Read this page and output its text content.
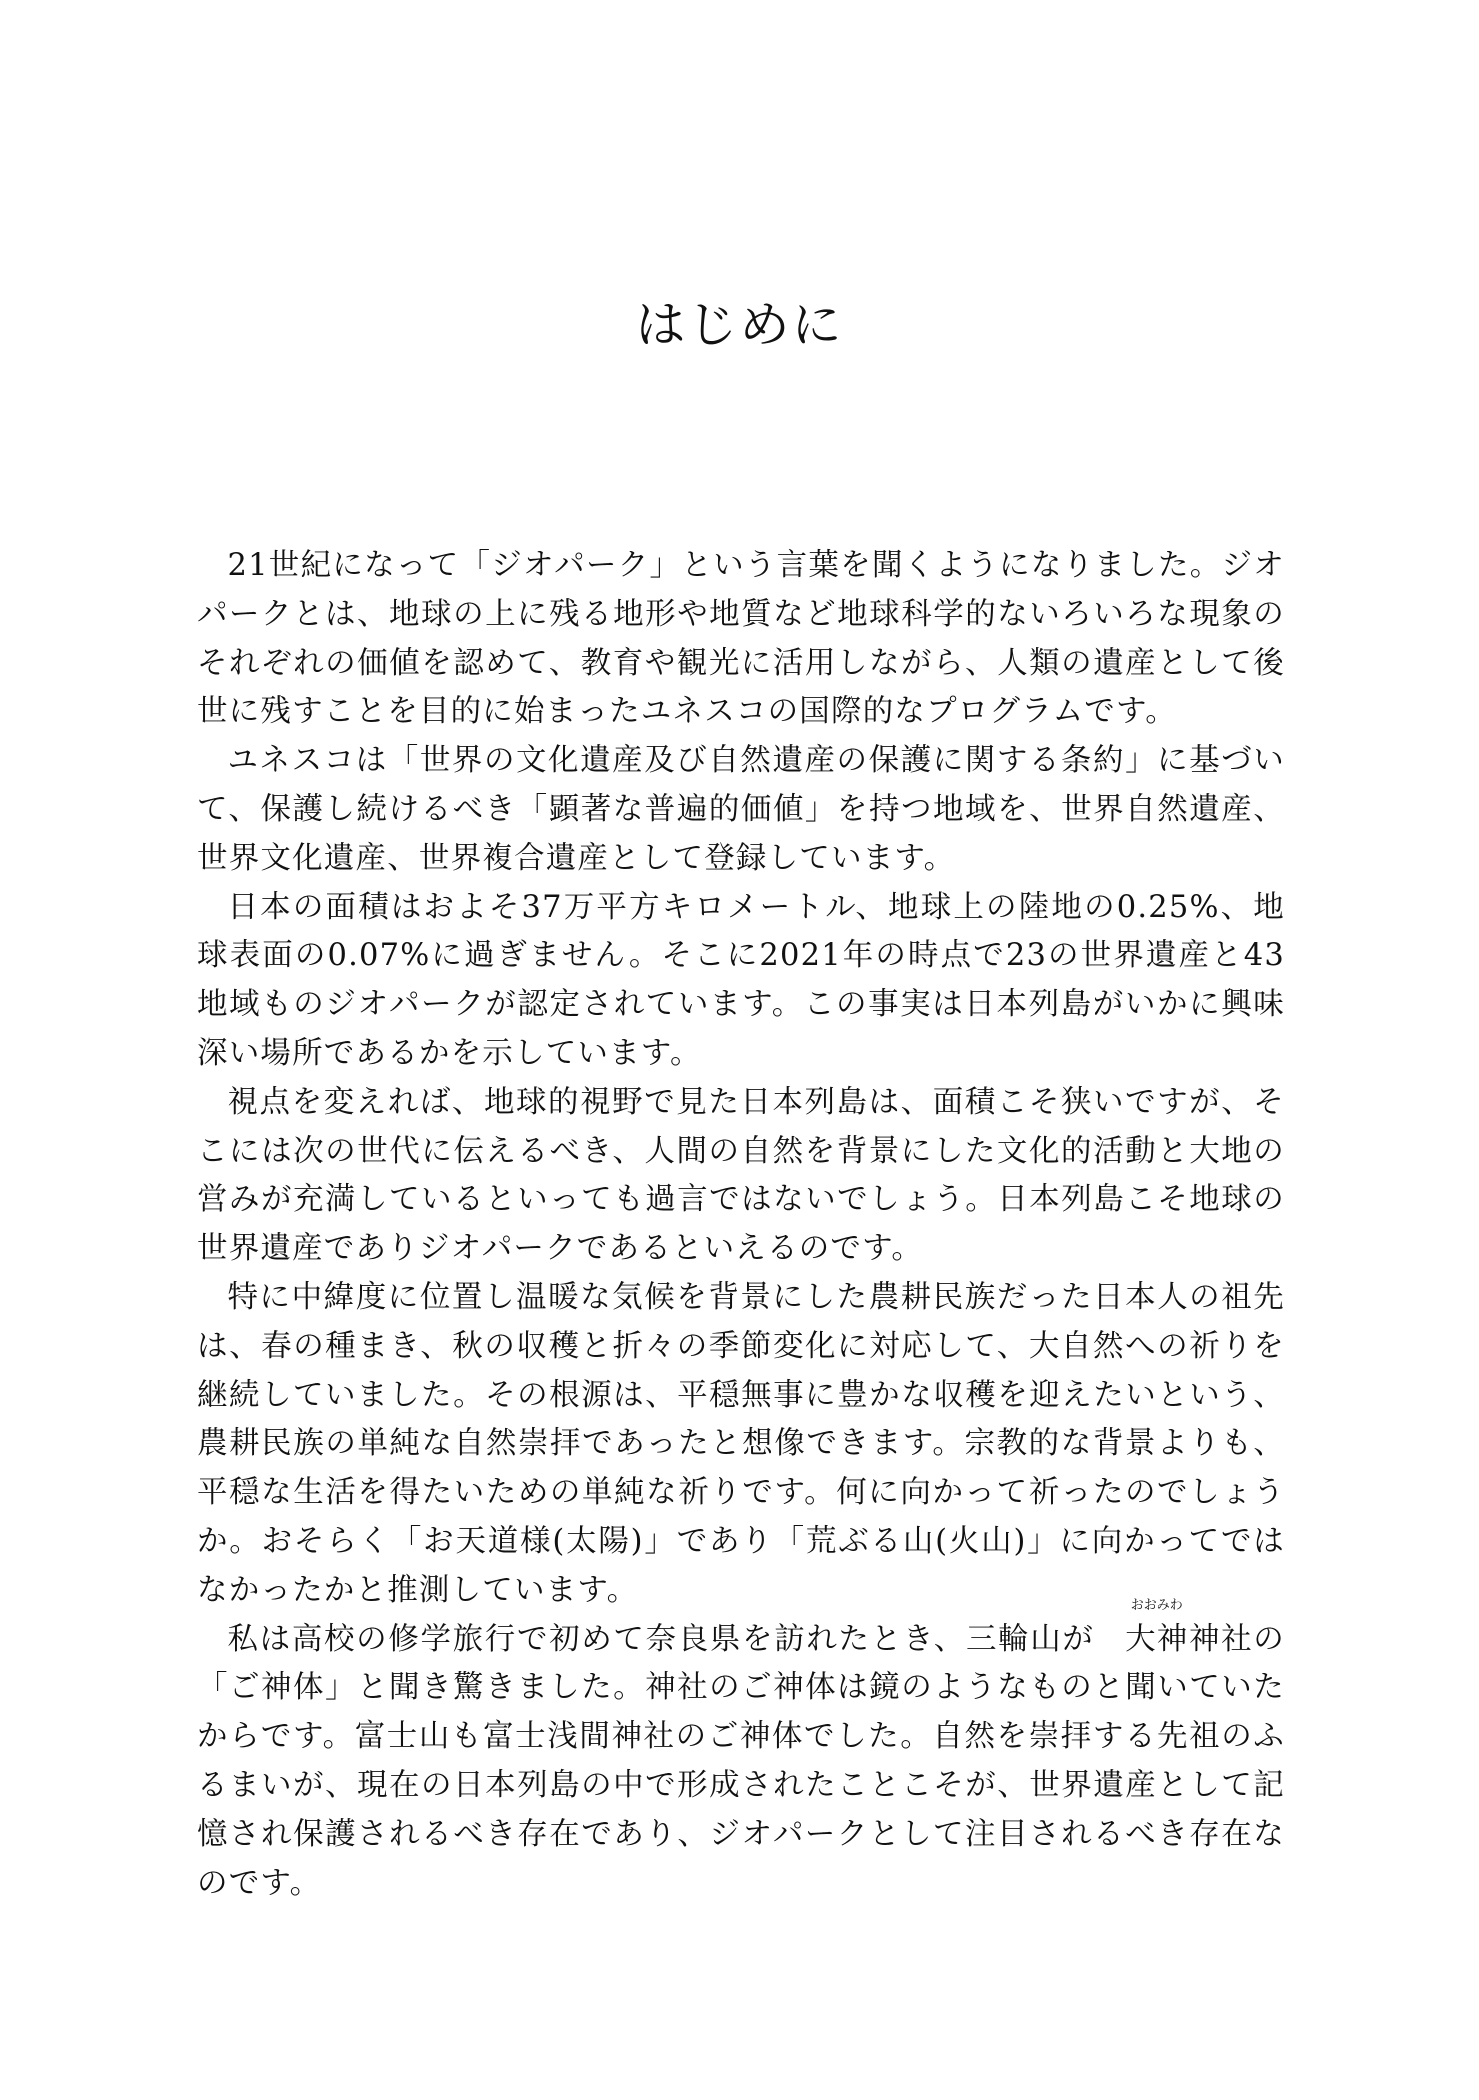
はじめに

21世紀になって「ジオパーク」という言葉を聞くようになりました。ジオパークとは、地球の上に残る地形や地質など地球科学的ないろいろな現象のそれぞれの価値を認めて、教育や観光に活用しながら、人類の遺産として後世に残すことを目的に始まったユネスコの国際的なプログラムです。

ユネスコは「世界の文化遺産及び自然遺産の保護に関する条約」に基づいて、保護し続けるべき「顕著な普遍的価値」を持つ地域を、世界自然遺産、世界文化遺産、世界複合遺産として登録しています。

日本の面積はおよそ37万平方キロメートル、地球上の陸地の0.25%、地球表面の0.07%に過ぎません。そこに2021年の時点で23の世界遺産と43地域ものジオパークが認定されています。この事実は日本列島がいかに興味深い場所であるかを示しています。

視点を変えれば、地球的視野で見た日本列島は、面積こそ狭いですが、そこには次の世代に伝えるべき、人間の自然を背景にした文化的活動と大地の営みが充満しているといっても過言ではないでしょう。日本列島こそ地球の世界遺産でありジオパークであるといえるのです。

特に中緯度に位置し温暖な気候を背景にした農耕民族だった日本人の祖先は、春の種まき、秋の収穫と折々の季節変化に対応して、大自然への祈りを継続していました。その根源は、平穏無事に豊かな収穫を迎えたいという、農耕民族の単純な自然崇拝であったと想像できます。宗教的な背景よりも、平穏な生活を得たいための単純な祈りです。何に向かって祈ったのでしょうか。おそらく「お天道様(太陽)」であり「荒ぶる山(火山)」に向かってではなかったかと推測しています。

私は高校の修学旅行で初めて奈良県を訪れたとき、三輪山が
おおみわ
大神神社の「ご神体」と聞き驚きました。神社のご神体は鏡のようなものと聞いていたからです。富士山も富士浅間神社のご神体でした。自然を崇拝する先祖のふるまいが、現在の日本列島の中で形成されたことこそが、世界遺産として記憶され保護されるべき存在であり、ジオパークとして注目されるべき存在なのです。
